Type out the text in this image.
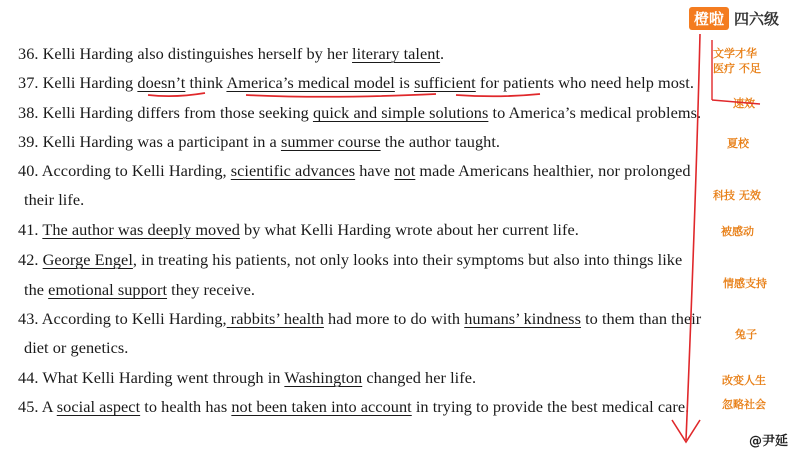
橙啦 四六级
36. Kelli Harding also distinguishes herself by her literary talent.
37. Kelli Harding doesn’t think America’s medical model is sufficient for patients who need help most.
38. Kelli Harding differs from those seeking quick and simple solutions to America’s medical problems.
39. Kelli Harding was a participant in a summer course the author taught.
40. According to Kelli Harding, scientific advances have not made Americans healthier, nor prolonged
their life.
41. The author was deeply moved by what Kelli Harding wrote about her current life.
42. George Engel, in treating his patients, not only looks into their symptoms but also into things like
the emotional support they receive.
43. According to Kelli Harding, rabbits’ health had more to do with humans’ kindness to them than their
diet or genetics.
44. What Kelli Harding went through in Washington changed her life.
45. A social aspect to health has not been taken into account in trying to provide the best medical care.
文学才华
医疗 不足
速效
夏校
科技 无效
被感动
情感支持
兔子
改变人生
忽略社会
@尹延
